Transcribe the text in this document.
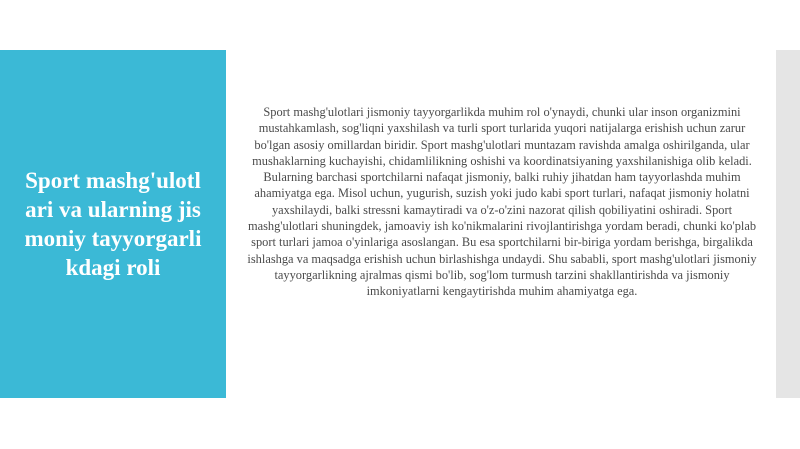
Sport mashg'ulotlari va ularning jismoniy tayyorgarlikdagi roli

Sport mashg'ulotlari jismoniy tayyorgarlikda muhim rol o'ynaydi, chunki ular inson organizmini mustahkamlash, sog'liqni yaxshilash va turli sport turlarida yuqori natijalarga erishish uchun zarur bo'lgan asosiy omillardan biridir. Sport mashg'ulotlari muntazam ravishda amalga oshirilganda, ular mushaklarning kuchayishi, chidamlilikning oshishi va koordinatsiyaning yaxshilanishiga olib keladi. Bularning barchasi sportchilarni nafaqat jismoniy, balki ruhiy jihatdan ham tayyorlashda muhim ahamiyatga ega. Misol uchun, yugurish, suzish yoki judo kabi sport turlari, nafaqat jismoniy holatni yaxshilaydi, balki stressni kamaytiradi va o'z-o'zini nazorat qilish qobiliyatini oshiradi. Sport mashg'ulotlari shuningdek, jamoaviy ish ko'nikmalarini rivojlantirishga yordam beradi, chunki ko'plab sport turlari jamoa o'yinlariga asoslangan. Bu esa sportchilarni bir-biriga yordam berishga, birgalikda ishlashga va maqsadga erishish uchun birlashishga undaydi. Shu sababli, sport mashg'ulotlari jismoniy tayyorgarlikning ajralmas qismi bo'lib, sog'lom turmush tarzini shakllantirishda va jismoniy imkoniyatlarni kengaytirishda muhim ahamiyatga ega.
